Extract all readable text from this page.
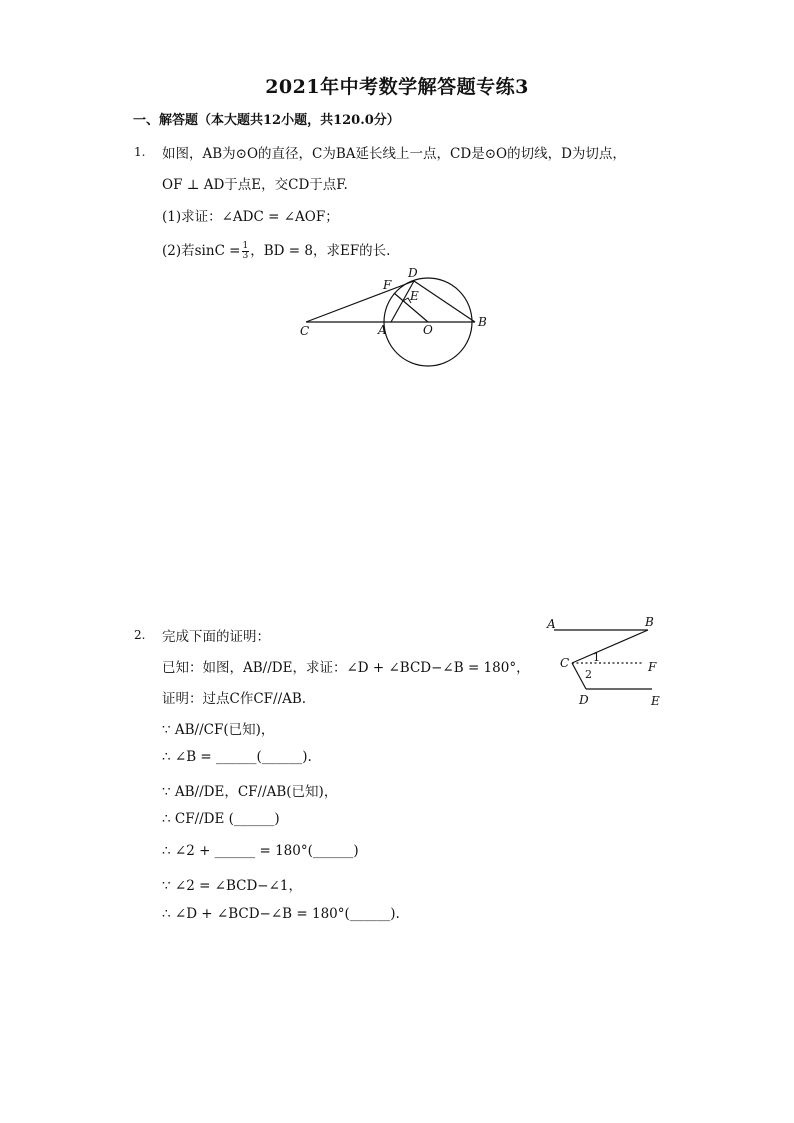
2021年中考数学解答题专练3
一、解答题（本大题共12小题，共120.0分）
1. 如图，AB为⊙O的直径，C为BA延长线上一点，CD是⊙O的切线，D为切点，
OF ⊥ AD于点E，交CD于点F.
(1)求证：∠ADC = ∠AOF；
(2)若$\sin C = \frac{1}{3}$ ，BD = 8，求EF的长.
C	A	O
B
D
F
E
2. 完成下面的证明：
已知：如图，AB//DE，求证：∠D + ∠BCD−∠B = 180°，
证明：过点C作CF//AB.
∵ AB//CF(已知)，
∴ ∠B = ______(______).
∵ AB//DE，CF//AB(已知)，
∴ CF//DE (______)
∴ ∠2 + ______ = 180°(______)
∵ ∠2 = ∠BCD−∠1，
∴ ∠D + ∠BCD−∠B = 180°(______).
A	B
C	F
D	E
1
2
